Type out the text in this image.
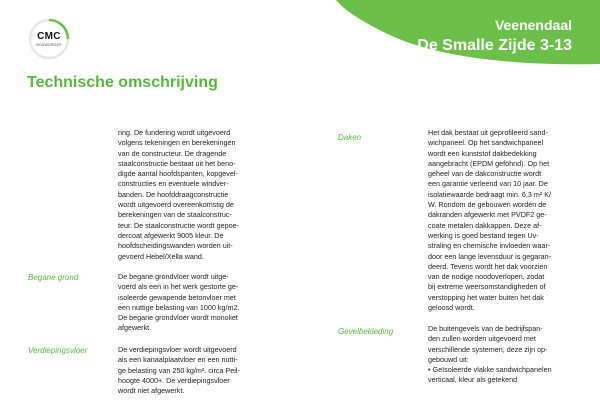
Veenendaal
De Smalle Zijde 3-13
CMC
BOUWGROEP
Technische omschrijving
ring. De fundering wordt uitgevoerd
volgens tekeningen en berekeningen
van de constructeur. De dragende
staalconstructie bestaat uit het beno-
digde aantal hoofdspanten, kopgevel-
constructies en eventuele windver-
banden. De hoofddraagconstructie
wordt uitgevoerd overeenkomstig de
berekeningen van de staalconstruc-
teur. De staalconstructie wordt gepoe-
dercoat afgewerkt 9005 kleur. De
hoofdscheidingswanden worden uit-
gevoerd Hebel/Xella wand.
Begane grond	De begane grondvloer wordt uitge-
voerd als een in het werk gestorte ge-
isoleerde gewapende betonvloer met
een nuttige belasting van 1000 kg/m2.
De begane grondvloer wordt monoliet
afgewerkt.
Verdiepingsvloer	De verdiepingsvloer wordt uitgevoerd
als een kanaalplaatvloer en een nutti-
ge belasting van 250 kg/m². circa Peil-
hoogte 4000+. De verdiepingsvloer
wordt niet afgewerkt.
Daken
Het dak bestaat uit geprofileerd sand-
wichpaneel. Op het sandwichpaneel
wordt een kunststof dakbedekking
aangebracht (EPDM geföhnd). Op het
geheel van de dakconstructie wordt
een garantie verleend van 10 jaar. De
isolatiewaarde bedraagt min. 6,3 m² K/
W. Rondom de gebouwen worden de
dakranden afgewerkt met PVDF2 ge-
coate metalen dakkappen. Deze af-
werking is goed bestand tegen Uv-
straling en chemische invloeden waar-
door een lange levensduur is gegaran-
deerd. Tevens wordt het dak voorzien
van de nodige noodoverlopen, zodat
bij extreme weersomstandigheden of
verstopping het water buiten het dak
geloosd wordt.
Gevelbekleding	De buitengevels van de bedrijfspan-
den zullen worden uitgevoerd met
verschillende systemen, deze zijn op-
gebouwd uit:
• Geïsoleerde vlakke sandwichpanelen
verticaal, kleur als getekend
